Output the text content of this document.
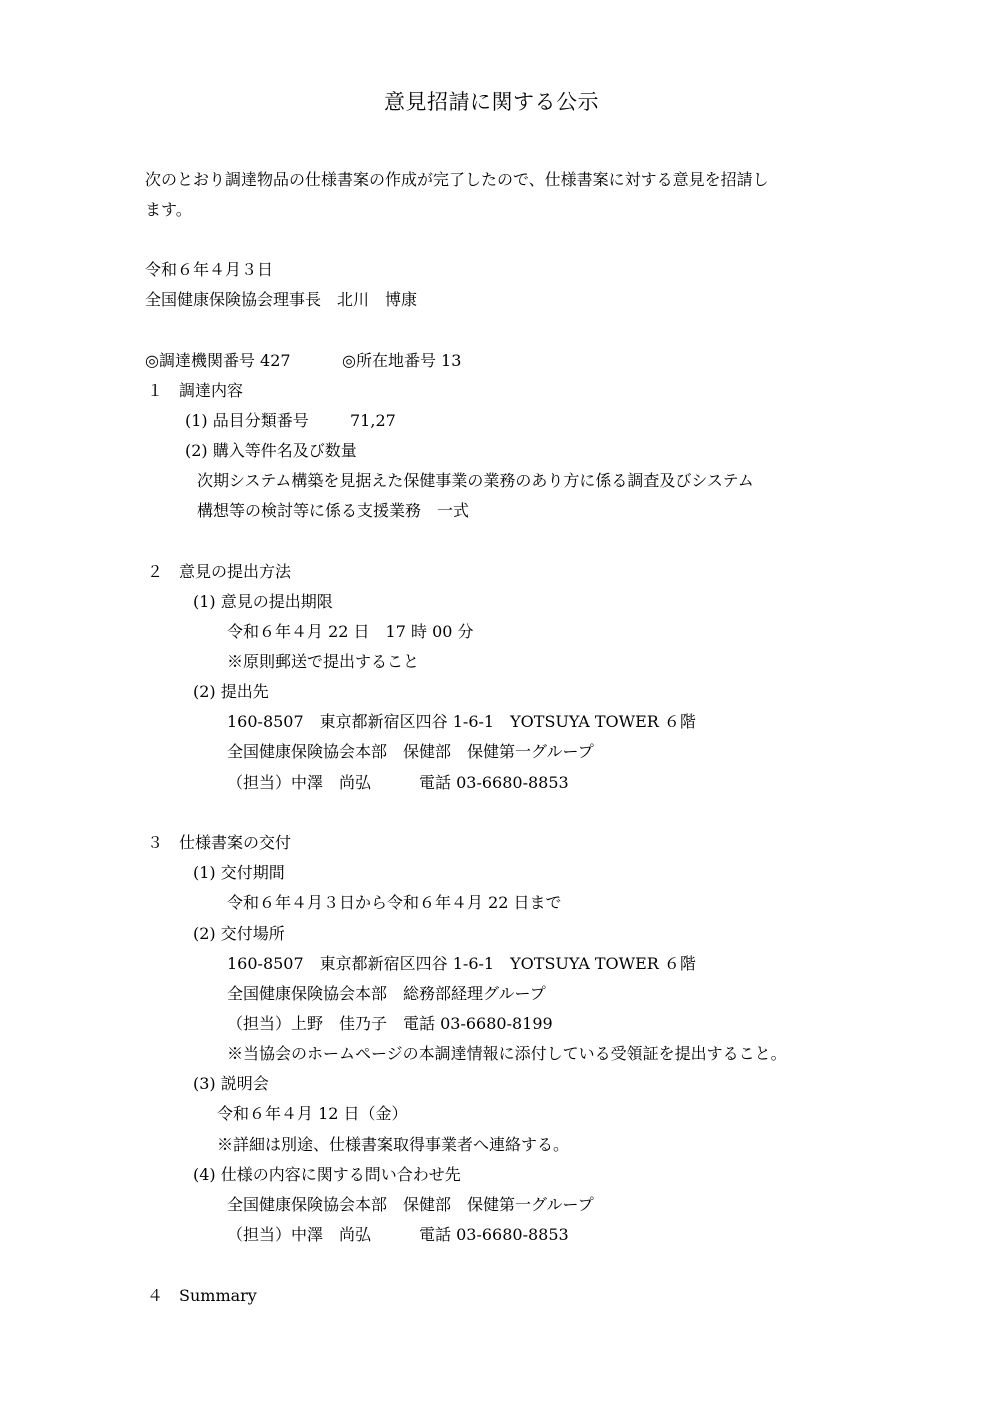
意見招請に関する公示
次のとおり調達物品の仕様書案の作成が完了したので、仕様書案に対する意見を招請し
ます。
令和６年４月３日
全国健康保険協会理事長　北川　博康
◎調達機関番号 427	◎所在地番号 13
１　調達内容
(1) 品目分類番号	71,27
(2) 購入等件名及び数量
次期システム構築を見据えた保健事業の業務のあり方に係る調査及びシステム
構想等の検討等に係る支援業務　一式
２　意見の提出方法
(1) 意見の提出期限
令和６年４月 22 日　17 時 00 分
※原則郵送で提出すること
(2) 提出先
160-8507　東京都新宿区四谷 1-6-1　YOTSUYA TOWER ６階
全国健康保険協会本部　保健部　保健第一グループ
（担当）中澤　尚弘　　　電話 03-6680-8853
３　仕様書案の交付
(1) 交付期間
令和６年４月３日から令和６年４月 22 日まで
(2) 交付場所
160-8507　東京都新宿区四谷 1-6-1　YOTSUYA TOWER ６階
全国健康保険協会本部　総務部経理グループ
（担当）上野　佳乃子　電話 03-6680-8199
※当協会のホームページの本調達情報に添付している受領証を提出すること。
(3) 説明会
令和６年４月 12 日（金）
※詳細は別途、仕様書案取得事業者へ連絡する。
(4) 仕様の内容に関する問い合わせ先
全国健康保険協会本部　保健部　保健第一グループ
（担当）中澤　尚弘　　　電話 03-6680-8853
４　Summary
